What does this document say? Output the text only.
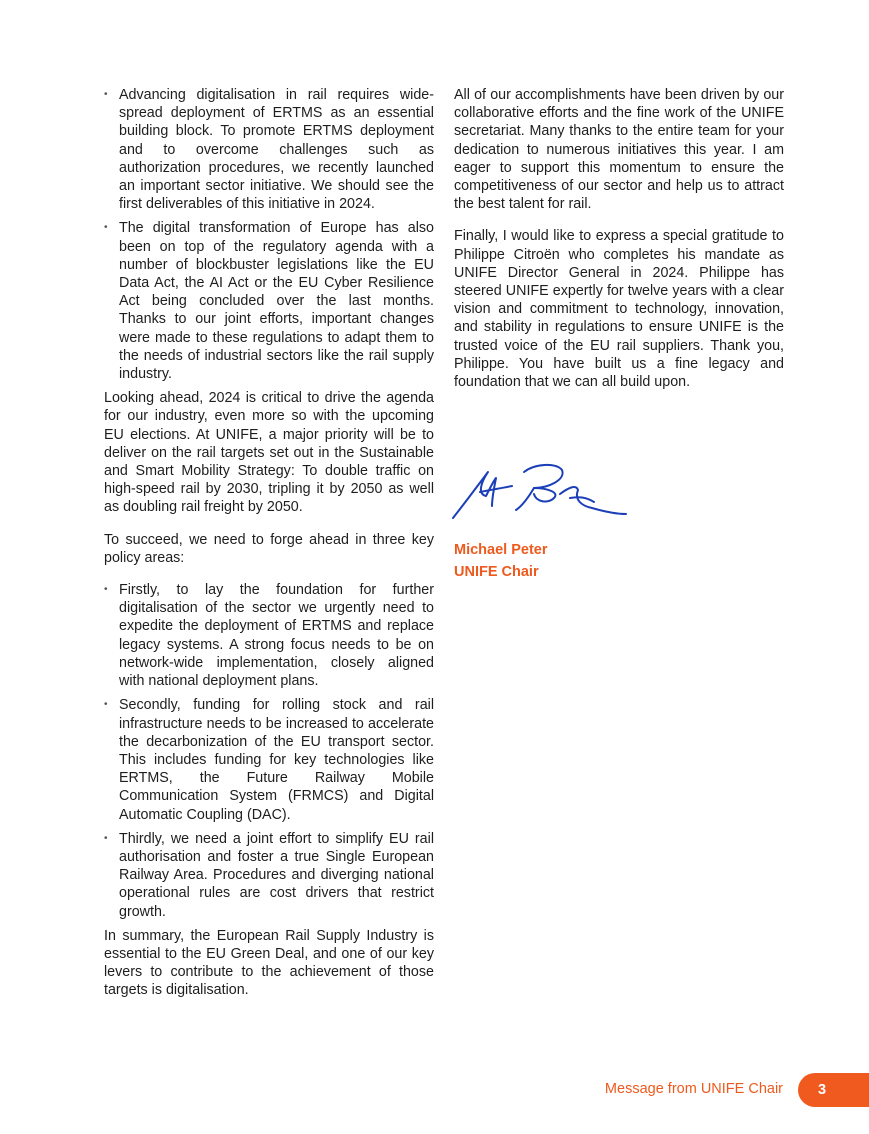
• Advancing digitalisation in rail requires wide-spread deployment of ERTMS as an essential building block. To promote ERTMS deployment and to overcome challenges such as authorization procedures, we recently launched an important sector initiative. We should see the first deliverables of this initiative in 2024.
• The digital transformation of Europe has also been on top of the regulatory agenda with a number of blockbuster legislations like the EU Data Act, the AI Act or the EU Cyber Resilience Act being concluded over the last months. Thanks to our joint efforts, important changes were made to these regulations to adapt them to the needs of industrial sectors like the rail supply industry.

Looking ahead, 2024 is critical to drive the agenda for our industry, even more so with the upcoming EU elections. At UNIFE, a major priority will be to deliver on the rail targets set out in the Sustainable and Smart Mobility Strategy: To double traffic on high-speed rail by 2030, tripling it by 2050 as well as doubling rail freight by 2050.

To succeed, we need to forge ahead in three key policy areas:

• Firstly, to lay the foundation for further digitalisation of the sector we urgently need to expedite the deployment of ERTMS and replace legacy systems. A strong focus needs to be on network-wide implementation, closely aligned with national deployment plans.
• Secondly, funding for rolling stock and rail infrastructure needs to be increased to accelerate the decarbonization of the EU transport sector. This includes funding for key technologies like ERTMS, the Future Railway Mobile Communication System (FRMCS) and Digital Automatic Coupling (DAC).
• Thirdly, we need a joint effort to simplify EU rail authorisation and foster a true Single European Railway Area. Procedures and diverging national operational rules are cost drivers that restrict growth.

In summary, the European Rail Supply Industry is essential to the EU Green Deal, and one of our key levers to contribute to the achievement of those targets is digitalisation.

All of our accomplishments have been driven by our collaborative efforts and the fine work of the UNIFE secretariat. Many thanks to the entire team for your dedication to numerous initiatives this year. I am eager to support this momentum to ensure the competitiveness of our sector and help us to attract the best talent for rail.

Finally, I would like to express a special gratitude to Philippe Citroën who completes his mandate as UNIFE Director General in 2024. Philippe has steered UNIFE expertly for twelve years with a clear vision and commitment to technology, innovation, and stability in regulations to ensure UNIFE is the trusted voice of the EU rail suppliers. Thank you, Philippe. You have built us a fine legacy and foundation that we can all build upon.

Michael Peter
UNIFE Chair
Message from UNIFE Chair 3
